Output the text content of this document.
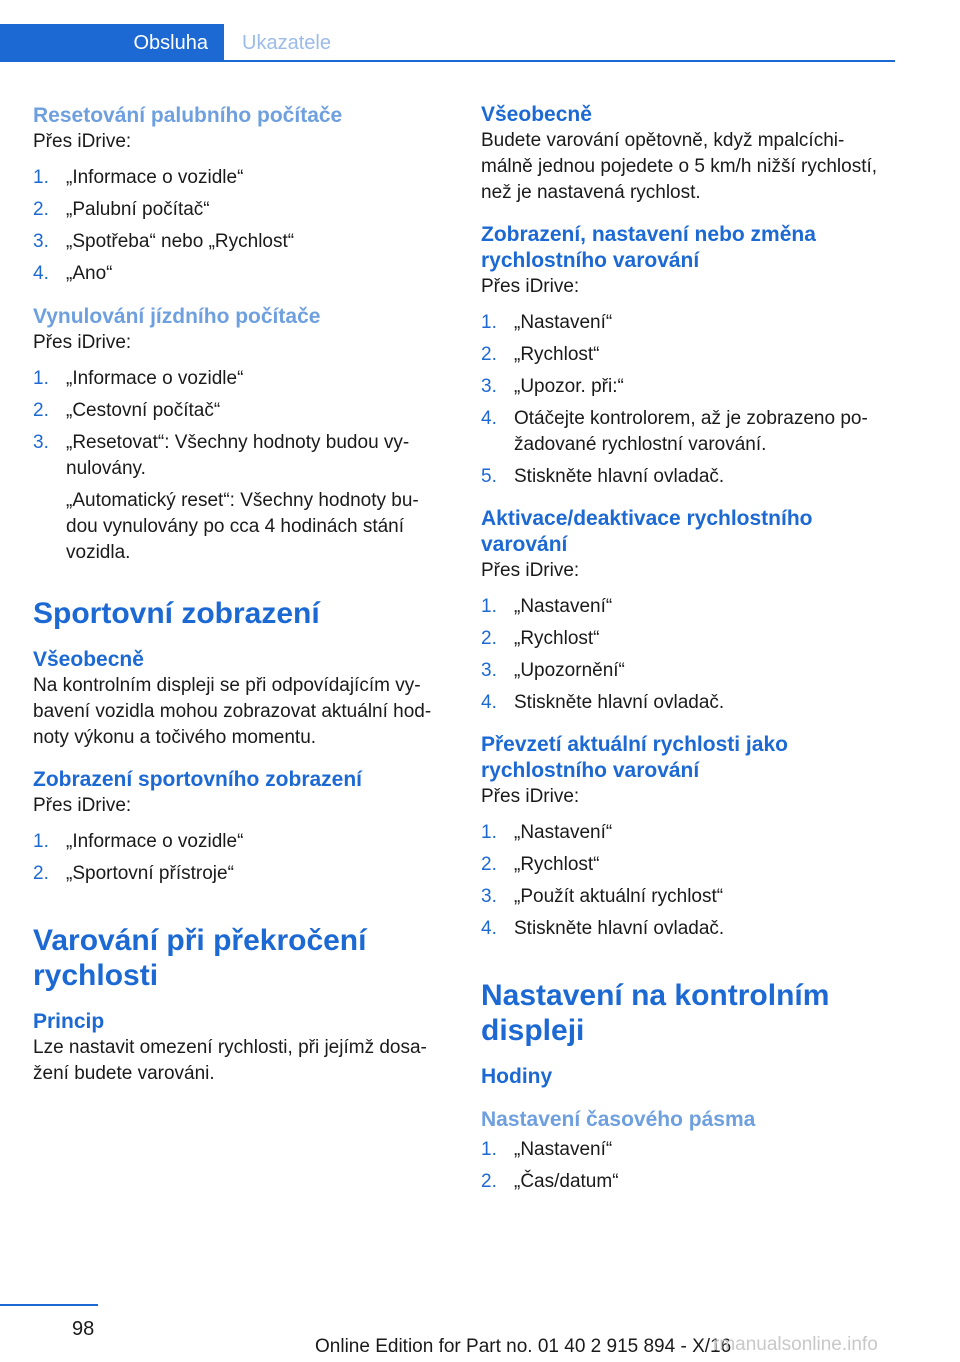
Obsluha	Ukazatele

Resetování palubního počítače

Přes iDrive:

1. „Informace o vozidle“
2. „Palubní počítač“
3. „Spotřeba“ nebo „Rychlost“
4. „Ano“

Vynulování jízdního počítače

Přes iDrive:

1. „Informace o vozidle“
2. „Cestovní počítač“
3. „Resetovat“: Všechny hodnoty budou vy-nulovány.

„Automatický reset“: Všechny hodnoty bu-dou vynulovány po cca 4 hodinách stání vozidla.

Sportovní zobrazení

Všeobecně

Na kontrolním displeji se při odpovídajícím vy-bavení vozidla mohou zobrazovat aktuální hod-noty výkonu a točivého momentu.

Zobrazení sportovního zobrazení

Přes iDrive:

1. „Informace o vozidle“
2. „Sportovní přístroje“

Varování při překročení rychlosti

Princip

Lze nastavit omezení rychlosti, při jejímž dosa-žení budete varováni.

Všeobecně

Budete varování opětovně, když mpalcíchi-málně jednou pojedete o 5 km/h nižší rychlostí, než je nastavená rychlost.

Zobrazení, nastavení nebo změna rychlostního varování

Přes iDrive:

1. „Nastavení“
2. „Rychlost“
3. „Upozor. při:“
4. Otáčejte kontrolorem, až je zobrazeno po-žadované rychlostní varování.
5. Stiskněte hlavní ovladač.

Aktivace/deaktivace rychlostního varování

Přes iDrive:

1. „Nastavení“
2. „Rychlost“
3. „Upozornění“
4. Stiskněte hlavní ovladač.

Převzetí aktuální rychlosti jako rychlostního varování

Přes iDrive:

1. „Nastavení“
2. „Rychlost“
3. „Použít aktuální rychlost“
4. Stiskněte hlavní ovladač.

Nastavení na kontrolním displeji

Hodiny

Nastavení časového pásma

1. „Nastavení“
2. „Čas/datum“
98
Online Edition for Part no. 01 40 2 915 894 - X/16
rmanualsonline.info
